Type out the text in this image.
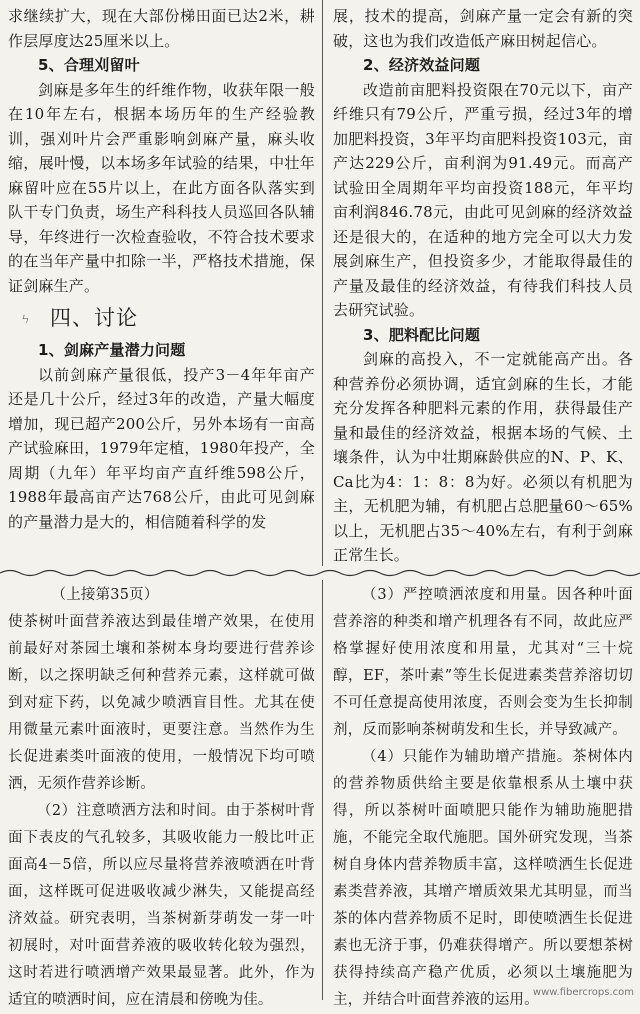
ㄣ

求继续扩大，现在大部份梯田面已达2米，耕作层厚度达25厘米以上。

5、合理刈留叶

剑麻是多年生的纤维作物，收获年限一般在10年左右，根据本场历年的生产经验教训，强刈叶片会严重影响剑麻产量，麻头收缩，展叶慢，以本场多年试验的结果，中壮年麻留叶应在55片以上，在此方面各队落实到队干专门负责，场生产科科技人员巡回各队辅导，年终进行一次检查验收，不符合技术要求的在当年产量中扣除一半，严格技术措施，保证剑麻生产。

四、讨论

1、剑麻产量潜力问题

以前剑麻产量很低，投产3－4年年亩产还是几十公斤，经过3年的改造，产量大幅度增加，现已超产200公斤，另外本场有一亩高产试验麻田，1979年定植，1980年投产，全周期（九年）年平均亩产直纤维598公斤，1988年最高亩产达768公斤，由此可见剑麻的产量潜力是大的，相信随着科学的发

展，技术的提高，剑麻产量一定会有新的突破，这也为我们改造低产麻田树起信心。

2、经济效益问题

改造前亩肥料投资限在70元以下，亩产纤维只有79公斤，严重亏损，经过3年的增加肥料投资，3年平均亩肥料投资103元，亩产达229公斤，亩利润为91.49元。而高产试验田全周期年平均亩投资188元，年平均亩利润846.78元，由此可见剑麻的经济效益还是很大的，在适种的地方完全可以大力发展剑麻生产，但投资多少，才能取得最佳的产量及最佳的经济效益，有待我们科技人员去研究试验。

3、肥料配比问题

剑麻的高投入，不一定就能高产出。各种营养份必须协调，适宜剑麻的生长，才能充分发挥各种肥料元素的作用，获得最佳产量和最佳的经济效益，根据本场的气候、土壤条件，认为中壮期麻龄供应的N、P、K、Ca比为4：1：8：8为好。必须以有机肥为主，无机肥为辅，有机肥占总肥量60～65%以上，无机肥占35～40%左右，有利于剑麻正常生长。

（上接第35页）

使茶树叶面营养液达到最佳增产效果，在使用前最好对茶园土壤和茶树本身均要进行营养诊断，以之探明缺乏何种营养元素，这样就可做到对症下药，以免减少喷洒盲目性。尤其在使用微量元素叶面液时，更要注意。当然作为生长促进素类叶面液的使用，一般情况下均可喷洒，无须作营养诊断。

（2）注意喷洒方法和时间。由于茶树叶背面下表皮的气孔较多，其吸收能力一般比叶正面高4－5倍，所以应尽量将营养液喷洒在叶背面，这样既可促进吸收减少淋失，又能提高经济效益。研究表明，当茶树新芽萌发一芽一叶初展时，对叶面营养液的吸收转化较为强烈，这时若进行喷洒增产效果最显著。此外，作为适宜的喷洒时间，应在清晨和傍晚为佳。

（3）严控喷洒浓度和用量。因各种叶面营养溶的种类和增产机理各有不同，故此应严格掌握好使用浓度和用量，尤其对“三十烷醇，EF，茶叶素”等生长促进素类营养溶切切不可任意提高使用浓度，否则会变为生长抑制剂，反而影响茶树萌发和生长，并导致减产。

（4）只能作为辅助增产措施。茶树体内的营养物质供给主要是依靠根系从土壤中获得，所以茶树叶面喷肥只能作为辅助施肥措施，不能完全取代施肥。国外研究发现，当茶树自身体内营养物质丰富，这样喷洒生长促进素类营养液，其增产增质效果尤其明显，而当茶的体内营养物质不足时，即使喷洒生长促进素也无济于事，仍难获得增产。所以要想茶树获得持续高产稳产优质，必须以土壤施肥为主，并结合叶面营养液的运用。

www.fibercrops.com
